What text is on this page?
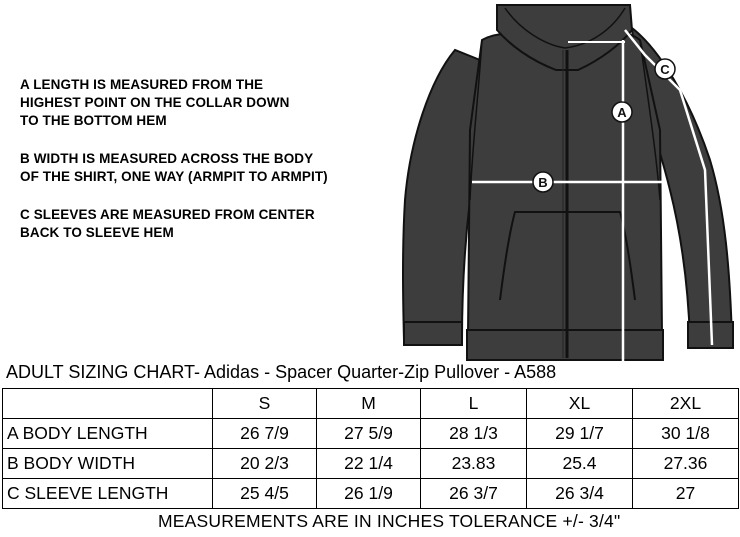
A LENGTH IS MEASURED FROM THE
HIGHEST POINT ON THE COLLAR DOWN
TO THE BOTTOM HEM

B WIDTH IS MEASURED ACROSS THE BODY
OF THE SHIRT, ONE WAY (ARMPIT TO ARMPIT)

C SLEEVES ARE MEASURED FROM CENTER
BACK TO SLEEVE HEM

A
B
C
ADULT SIZING CHART- Adidas - Spacer Quarter-Zip Pullover - A588
	S	M	L	XL	2XL
A BODY LENGTH	26 7/9	27 5/9	28 1/3	29 1/7	30 1/8
B BODY WIDTH	20 2/3	22 1/4	23.83	25.4	27.36
C SLEEVE LENGTH	25 4/5	26 1/9	26 3/7	26 3/4	27
MEASUREMENTS ARE IN INCHES TOLERANCE +/- 3/4"
